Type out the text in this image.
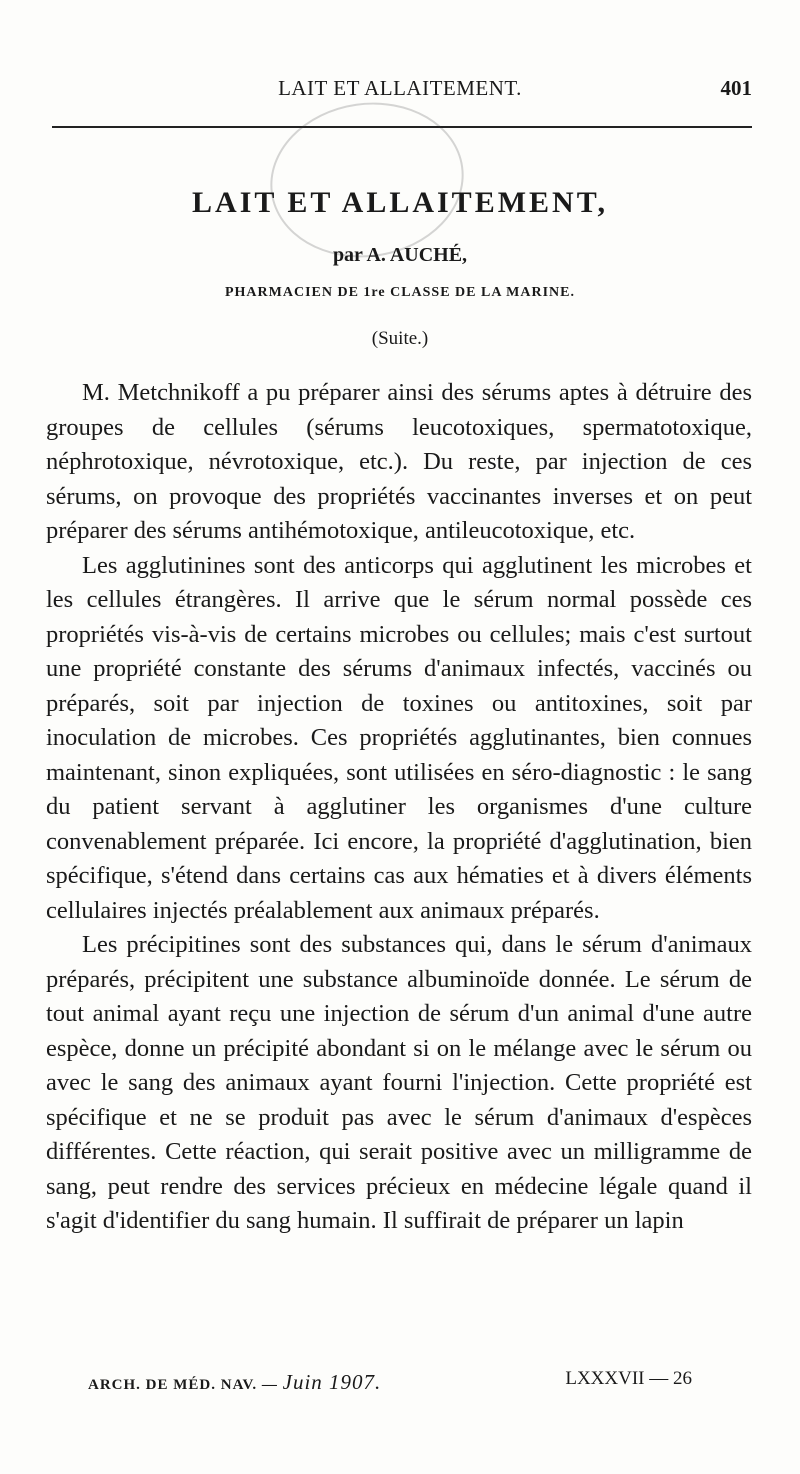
LAIT ET ALLAITEMENT.	401
LAIT ET ALLAITEMENT,
par A. AUCHÉ,
PHARMACIEN DE 1re CLASSE DE LA MARINE.
(Suite.)

M. Metchnikoff a pu préparer ainsi des sérums aptes à détruire des groupes de cellules (sérums leucotoxiques, spermatotoxique, néphrotoxique, névrotoxique, etc.). Du reste, par injection de ces sérums, on provoque des propriétés vaccinantes inverses et on peut préparer des sérums antihémotoxique, antileucotoxique, etc.

Les agglutinines sont des anticorps qui agglutinent les microbes et les cellules étrangères. Il arrive que le sérum normal possède ces propriétés vis-à-vis de certains microbes ou cellules; mais c'est surtout une propriété constante des sérums d'animaux infectés, vaccinés ou préparés, soit par injection de toxines ou antitoxines, soit par inoculation de microbes. Ces propriétés agglutinantes, bien connues maintenant, sinon expliquées, sont utilisées en séro-diagnostic : le sang du patient servant à agglutiner les organismes d'une culture convenablement préparée. Ici encore, la propriété d'agglutination, bien spécifique, s'étend dans certains cas aux hématies et à divers éléments cellulaires injectés préalablement aux animaux préparés.

Les précipitines sont des substances qui, dans le sérum d'animaux préparés, précipitent une substance albuminoïde donnée. Le sérum de tout animal ayant reçu une injection de sérum d'un animal d'une autre espèce, donne un précipité abondant si on le mélange avec le sérum ou avec le sang des animaux ayant fourni l'injection. Cette propriété est spécifique et ne se produit pas avec le sérum d'animaux d'espèces différentes. Cette réaction, qui serait positive avec un milligramme de sang, peut rendre des services précieux en médecine légale quand il s'agit d'identifier du sang humain. Il suffirait de préparer un lapin

ARCH. DE MÉD. NAV. — Juin 1907.	LXXXVII — 26
